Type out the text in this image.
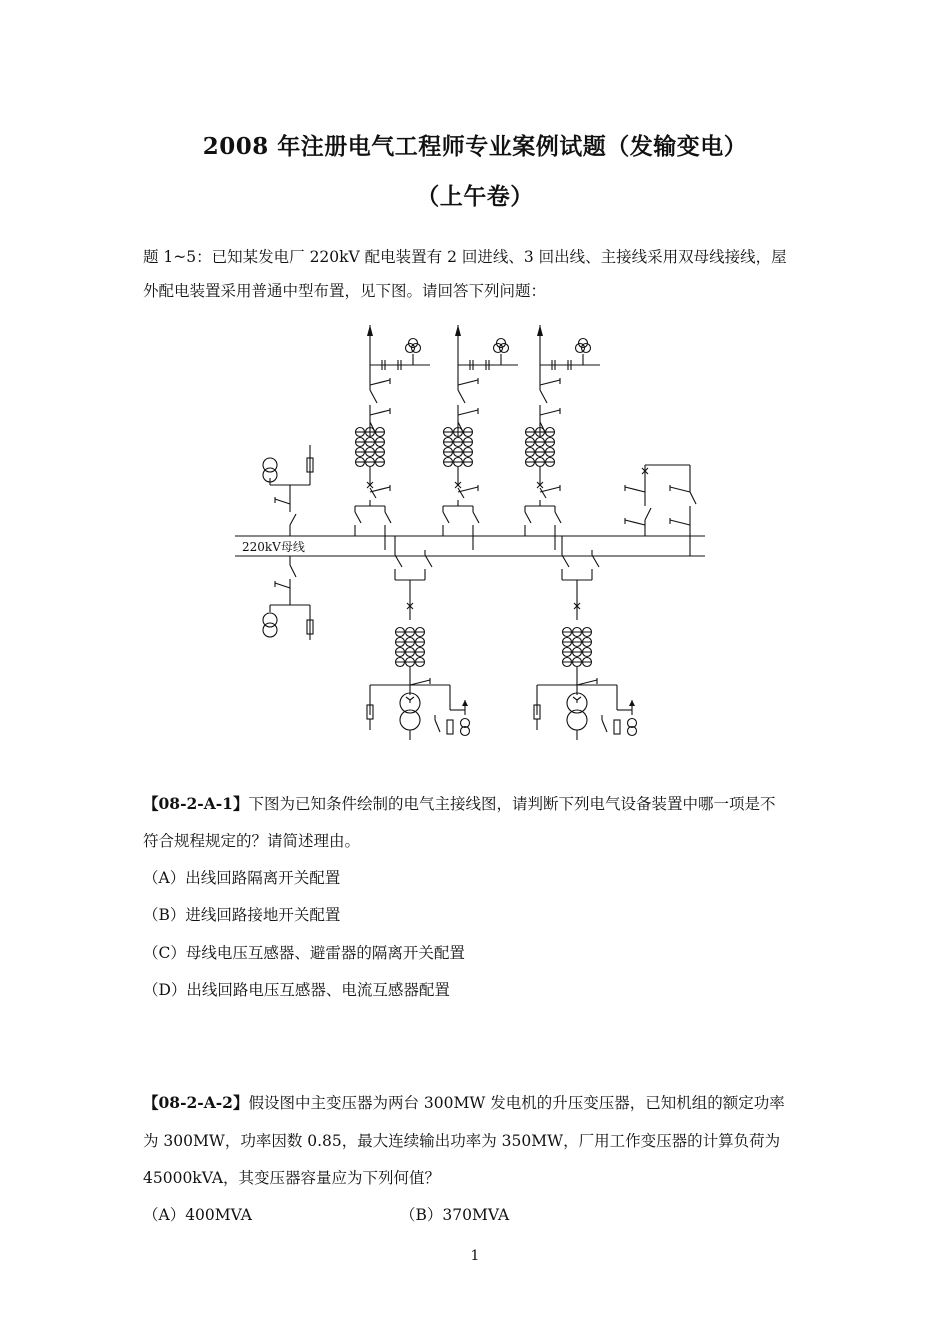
2008 年注册电气工程师专业案例试题（发输变电）
（上午卷）
题 1~5：已知某发电厂 220kV 配电装置有 2 回进线、3 回出线、主接线采用双母线接线，屋
外配电装置采用普通中型布置，见下图。请回答下列问题：
220kV母线
【08-2-A-1】下图为已知条件绘制的电气主接线图，请判断下列电气设备装置中哪一项是不
符合规程规定的？请简述理由。
（A）出线回路隔离开关配置
（B）进线回路接地开关配置
（C）母线电压互感器、避雷器的隔离开关配置
（D）出线回路电压互感器、电流互感器配置
【08-2-A-2】假设图中主变压器为两台 300MW 发电机的升压变压器，已知机组的额定功率
为 300MW，功率因数 0.85，最大连续输出功率为 350MW，厂用工作变压器的计算负荷为
45000kVA，其变压器容量应为下列何值？
（A）400MVA	（B）370MVA
1
